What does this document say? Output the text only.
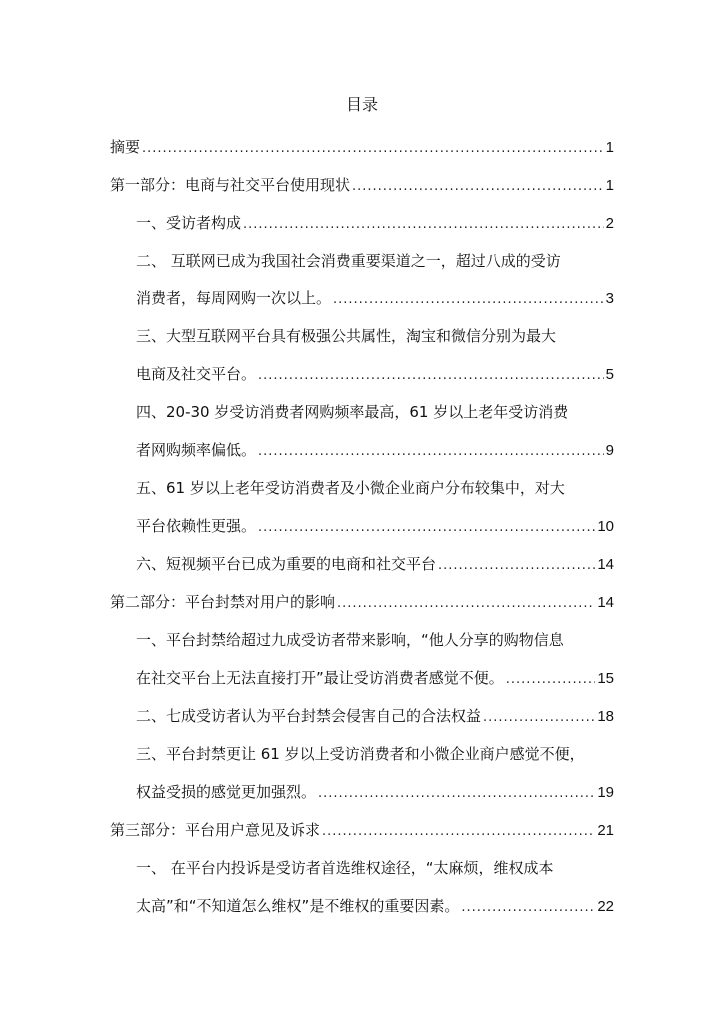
目录
摘要 .....	1
第一部分：电商与社交平台使用现状 .....	1
一、受访者构成 .....	2
二、 互联网已成为我国社会消费重要渠道之一，超过八成的受访
消费者，每周网购一次以上。 .....	3
三、大型互联网平台具有极强公共属性，淘宝和微信分别为最大
电商及社交平台。 .....	5
四、20-30 岁受访消费者网购频率最高，61 岁以上老年受访消费
者网购频率偏低。 .....	9
五、61 岁以上老年受访消费者及小微企业商户分布较集中，对大
平台依赖性更强。 .....	10
六、短视频平台已成为重要的电商和社交平台 .....	14
第二部分：平台封禁对用户的影响 .....	14
一、平台封禁给超过九成受访者带来影响，“他人分享的购物信息
在社交平台上无法直接打开”最让受访消费者感觉不便。 .....	15
二、七成受访者认为平台封禁会侵害自己的合法权益 .....	18
三、平台封禁更让 61 岁以上受访消费者和小微企业商户感觉不便，
权益受损的感觉更加强烈。 .....	19
第三部分：平台用户意见及诉求 .....	21
一、 在平台内投诉是受访者首选维权途径，“太麻烦，维权成本
太高”和“不知道怎么维权”是不维权的重要因素。 .....	22
